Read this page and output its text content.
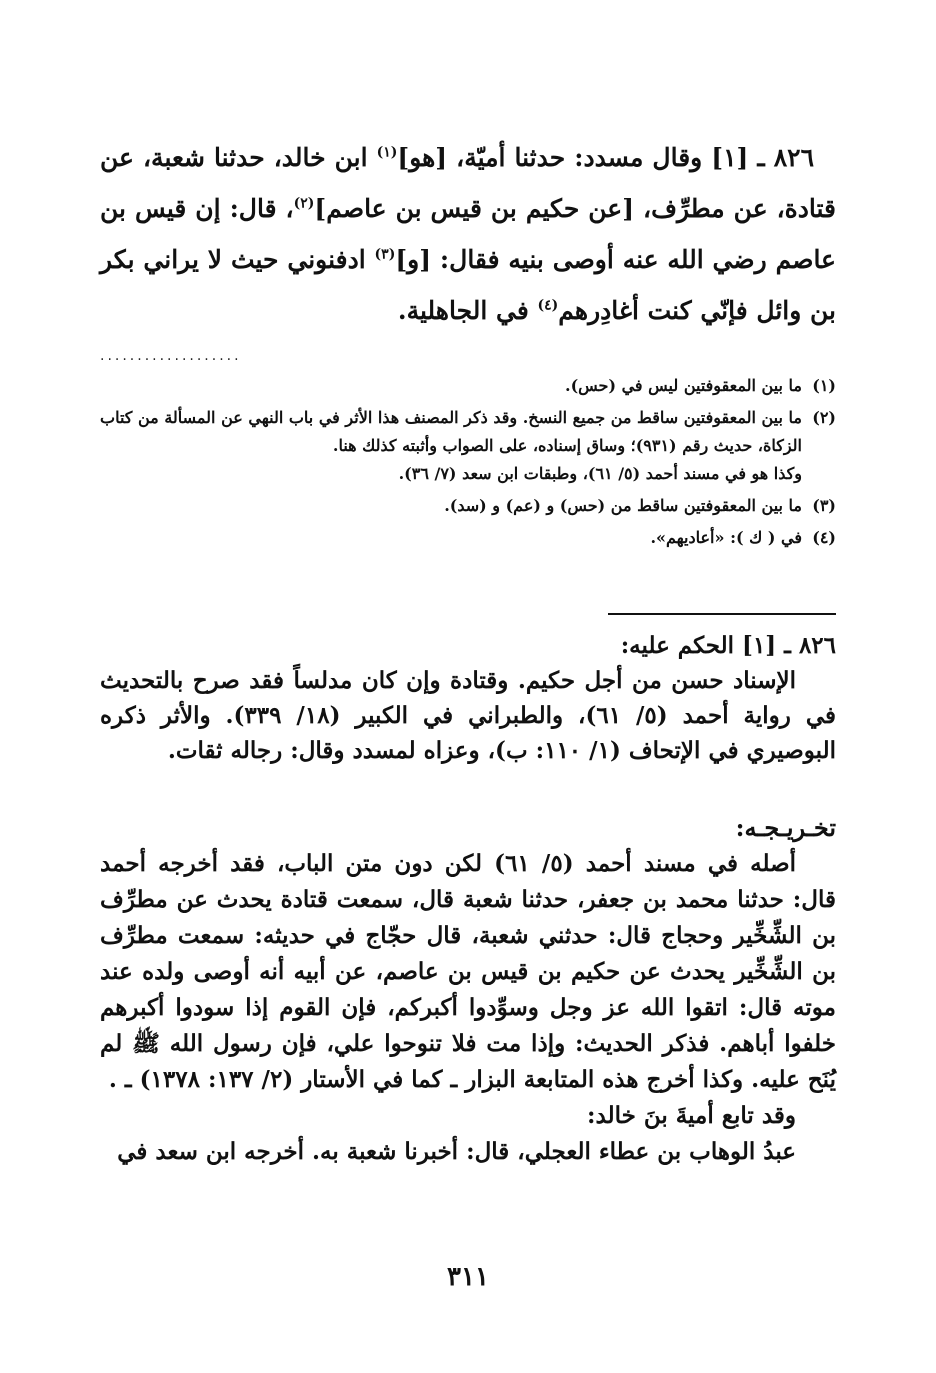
٨٢٦ ـ [١] وقال مسدد: حدثنا أميّة، [هو]$^{(١)}$ ابن خالد، حدثنا شعبة، عن قتادة، عن مطرِّف، [عن حكيم بن قيس بن عاصم]$^{(٢)}$، قال: إن قيس بن عاصم رضي الله عنه أوصى بنيه فقال: [و]$^{(٣)}$ ادفنوني حيث لا يراني بكر بن وائل فإنّي كنت أغادِرهم$^{(٤)}$ في الجاهلية.

...................
(١)
ما بين المعقوفتين ليس في (حس).
(٢)
ما بين المعقوفتين ساقط من جميع النسخ. وقد ذكر المصنف هذا الأثر في باب النهي عن المسألة من كتاب الزكاة، حديث رقم (٩٣١)؛ وساق إسناده، على الصواب وأثبته كذلك هنا.
وكذا هو في مسند أحمد (٥/ ٦١)، وطبقات ابن سعد (٧/ ٣٦).
(٣)
ما بين المعقوفتين ساقط من (حس) و (عم) و (سد).
(٤)
في ( ك ): «أعاديهم».
٨٢٦ ـ [١] الحكم عليه:

الإسناد حسن من أجل حكيم. وقتادة وإن كان مدلساً فقد صرح بالتحديث في رواية أحمد (٥/ ٦١)، والطبراني في الكبير (١٨/ ٣٣٩). والأثر ذكره البوصيري في الإتحاف (١/ ١١٠: ب)، وعزاه لمسدد وقال: رجاله ثقات.

تخـريـجـه:

أصله في مسند أحمد (٥/ ٦١) لكن دون متن الباب، فقد أخرجه أحمد قال: حدثنا محمد بن جعفر، حدثنا شعبة قال، سمعت قتادة يحدث عن مطرِّف بن الشِّخِّير وحجاج قال: حدثني شعبة، قال حجّاج في حديثه: سمعت مطرِّف بن الشِّخِّير يحدث عن حكيم بن قيس بن عاصم، عن أبيه أنه أوصى ولده عند موته قال: اتقوا الله عز وجل وسوِّدوا أكبركم، فإن القوم إذا سودوا أكبرهم خلفوا أباهم. فذكر الحديث: وإذا مت فلا تنوحوا علي، فإن رسول الله ﷺ لم يُنَح عليه. وكذا أخرج هذه المتابعة البزار ـ كما في الأستار (٢/ ١٣٧: ١٣٧٨) ـ .

وقد تابع أميةَ بنَ خالد:

عبدُ الوهاب بن عطاء العجلي، قال: أخبرنا شعبة به. أخرجه ابن سعد في

٣١١
